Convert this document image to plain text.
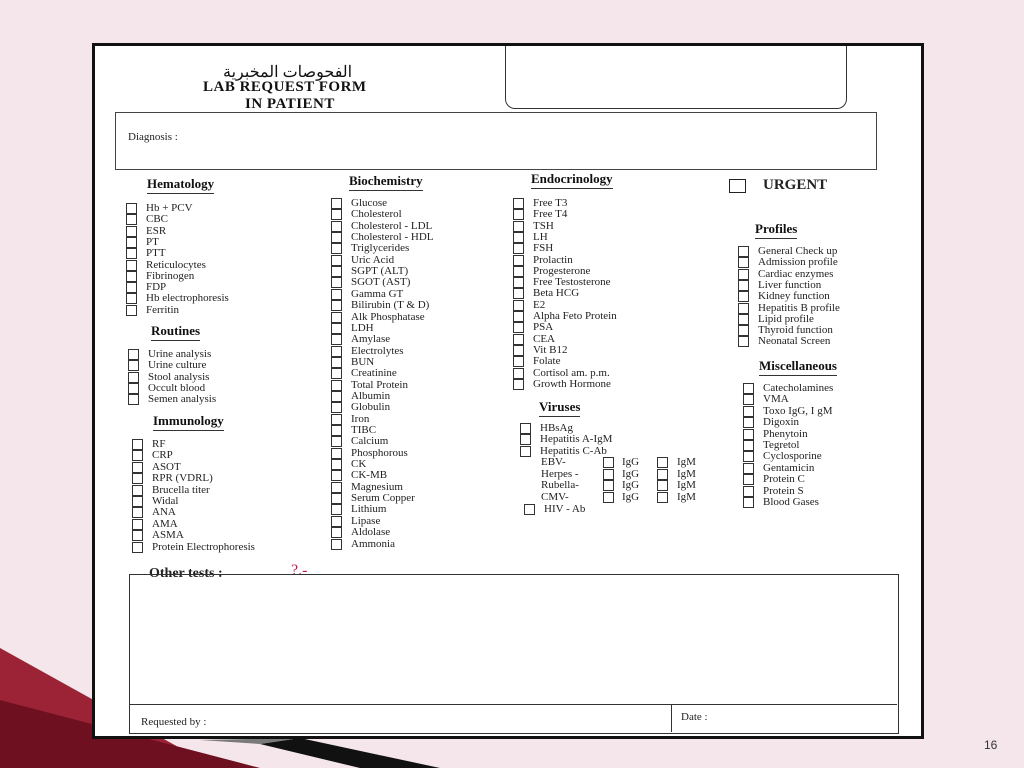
الفحوصات المخبرية
LAB REQUEST FORM
IN PATIENT
Diagnosis :
Hematology
Hb + PCV
CBC
ESR
PT
PTT
Reticulocytes
Fibrinogen
FDP
Hb electrophoresis
Ferritin
Routines
Urine analysis
Urine culture
Stool analysis
Occult blood
Semen analysis
Immunology
RF
CRP
ASOT
RPR (VDRL)
Brucella titer
Widal
ANA
AMA
ASMA
Protein Electrophoresis
Biochemistry
Glucose
Cholesterol
Cholesterol - LDL
Cholesterol - HDL
Triglycerides
Uric Acid
SGPT (ALT)
SGOT (AST)
Gamma GT
Bilirubin (T & D)
Alk Phosphatase
LDH
Amylase
Electrolytes
BUN
Creatinine
Total Protein
Albumin
Globulin
Iron
TIBC
Calcium
Phosphorous
CK
CK-MB
Magnesium
Serum Copper
Lithium
Lipase
Aldolase
Ammonia
Endocrinology
Free T3
Free T4
TSH
LH
FSH
Prolactin
Progesterone
Free Testosterone
Beta HCG
E2
Alpha Feto Protein
PSA
CEA
Vit B12
Folate
Cortisol am. p.m.
Growth Hormone
Viruses
HBsAg
Hepatitis A-IgM
Hepatitis C-Ab
EBV-	IgG	IgM
Herpes -	IgG	IgM
Rubella-	IgG	IgM
CMV-	IgG	IgM
HIV - Ab
URGENT
Profiles
General Check up
Admission profile
Cardiac enzymes
Liver function
Kidney function
Hepatitis B profile
Lipid profile
Thyroid function
Neonatal Screen
Miscellaneous
Catecholamines
VMA
Toxo IgG, I gM
Digoxin
Phenytoin
Tegretol
Cyclosporine
Gentamicin
Protein C
Protein S
Blood Gases
Other tests :	?.-
Requested by :	Date :
16
